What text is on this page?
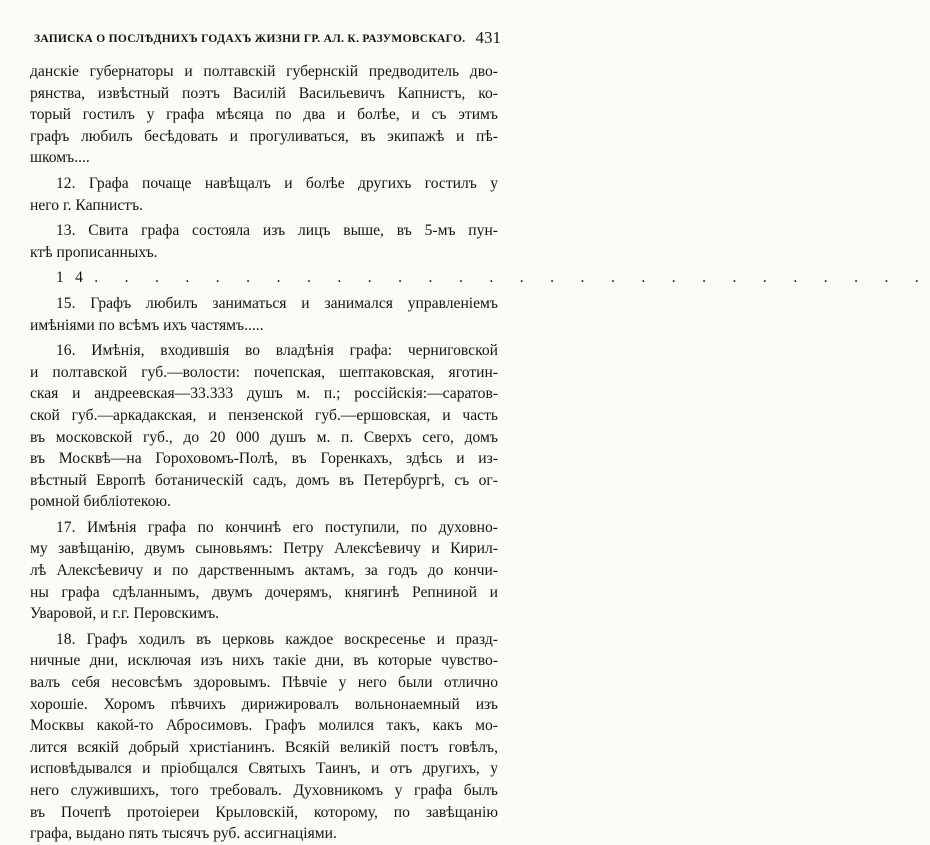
ЗАПИСКА О ПОСЛѢДНИХЪ ГОДАХЪ ЖИЗНИ ГР. АЛ. К. РАЗУМОВСКАГО. 431
данскіе губернаторы и полтавскій губернскій предводитель дво-
рянства, извѣстный поэтъ Василій Васильевичъ Капнистъ, ко-
торый гостилъ у графа мѣсяца по два и болѣе, и съ этимъ
графъ любилъ бесѣдовать и прогуливаться, въ экипажѣ и пѣ-
шкомъ....
12. Графа почаще навѣщалъ и болѣе другихъ гостилъ у
него г. Капнистъ.
13. Свита графа состояла изъ лицъ выше, въ 5-мъ пун-
ктѣ прописанныхъ.
14. . . . . . . . . . . . . . . . . . . . . . . . . . . .
15. Графъ любилъ заниматься и занимался управленіемъ
имѣніями по всѣмъ ихъ частямъ.....
16. Имѣнія, входившія во владѣнія графа: черниговской
и полтавской губ.—волости: почепская, шептаковская, яготин-
ская и андреевская—33.333 душъ м. п.; россійскія:—саратов-
ской губ.—аркадакская, и пензенской губ.—ершовская, и часть
въ московской губ., до 20 000 душъ м. п. Сверхъ сего, домъ
въ Москвѣ—на Гороховомъ-Полѣ, въ Горенкахъ, здѣсь и из-
вѣстный Европѣ ботаническій садъ, домъ въ Петербургѣ, съ ог-
ромной библіотекою.
17. Имѣнія графа по кончинѣ его поступили, по духовно-
му завѣщанію, двумъ сыновьямъ: Петру Алексѣевичу и Кирил-
лѣ Алексѣевичу и по дарственнымъ актамъ, за годъ до кончи-
ны графа сдѣланнымъ, двумъ дочерямъ, княгинѣ Репниной и
Уваровой, и г.г. Перовскимъ.
18. Графъ ходилъ въ церковь каждое воскресенье и празд-
ничные дни, исключая изъ нихъ такіе дни, въ которые чувство-
валъ себя несовсѣмъ здоровымъ. Пѣвчіе у него были отлично
хорошіе. Хоромъ пѣвчихъ дирижировалъ вольнонаемный изъ
Москвы какой-то Абросимовъ. Графъ молился такъ, какъ мо-
лится всякій добрый христіанинъ. Всякій великій постъ говѣлъ,
исповѣдывался и пріобщался Святыхъ Таинъ, и отъ другихъ, у
него служившихъ, того требовалъ. Духовникомъ у графа былъ
въ Почепѣ протоіереи Крыловскій, которому, по завѣщанію
графа, выдано пять тысячъ руб. ассигнаціями.
